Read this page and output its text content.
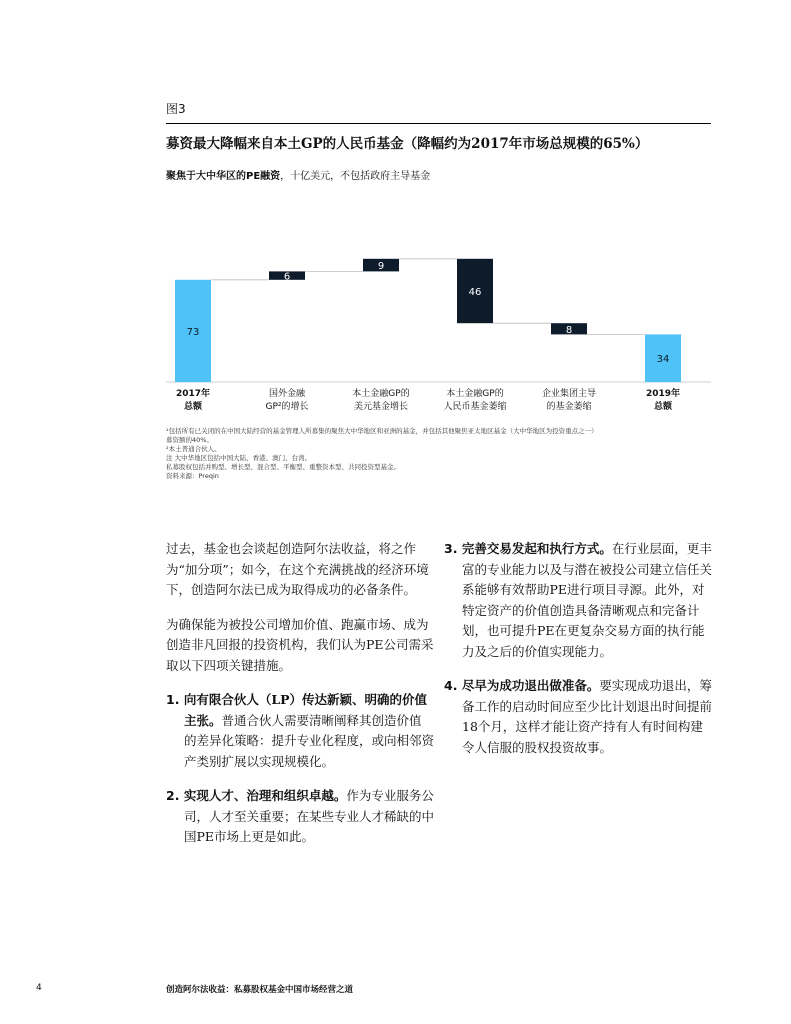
图3
募资最大降幅来自本土GP的人民币基金（降幅约为2017年市场总规模的65%）
聚焦于大中华区的PE融资，十亿美元，不包括政府主导基金
73
6
9
46
8
34
2017年
总额
国外金融
GP²的增长
本土金融GP的
美元基金增长
本土金融GP的
人民币基金萎缩
企业集团主导
的基金萎缩
2019年
总额
¹包括所有已关闭的在中国大陆经营的基金管理人所募集的聚焦大中华地区和亚洲的基金，并包括其他聚焦亚太地区基金（大中华地区为投资重点之一）
募资额的40%。
²本土普通合伙人。
注 大中华地区包括中国大陆、香港、澳门、台湾。
私募股权包括并购型、增长型、混合型、平衡型、重整资本型、共同投资型基金。
资料来源：Preqin

过去，基金也会谈起创造阿尔法收益，将之作为“加分项”；如今，在这个充满挑战的经济环境下，创造阿尔法已成为取得成功的必备条件。

为确保能为被投公司增加价值、跑赢市场、成为创造非凡回报的投资机构，我们认为PE公司需采取以下四项关键措施。

1. 向有限合伙人（LP）传达新颖、明确的价值主张。普通合伙人需要清晰阐释其创造价值的差异化策略：提升专业化程度，或向相邻资产类别扩展以实现规模化。
2. 实现人才、治理和组织卓越。作为专业服务公司，人才至关重要；在某些专业人才稀缺的中国PE市场上更是如此。
3. 完善交易发起和执行方式。在行业层面，更丰富的专业能力以及与潜在被投公司建立信任关系能够有效帮助PE进行项目寻源。此外，对特定资产的价值创造具备清晰观点和完备计划，也可提升PE在更复杂交易方面的执行能力及之后的价值实现能力。
4. 尽早为成功退出做准备。要实现成功退出，筹备工作的启动时间应至少比计划退出时间提前18个月，这样才能让资产持有人有时间构建令人信服的股权投资故事。
4	创造阿尔法收益：私募股权基金中国市场经营之道
